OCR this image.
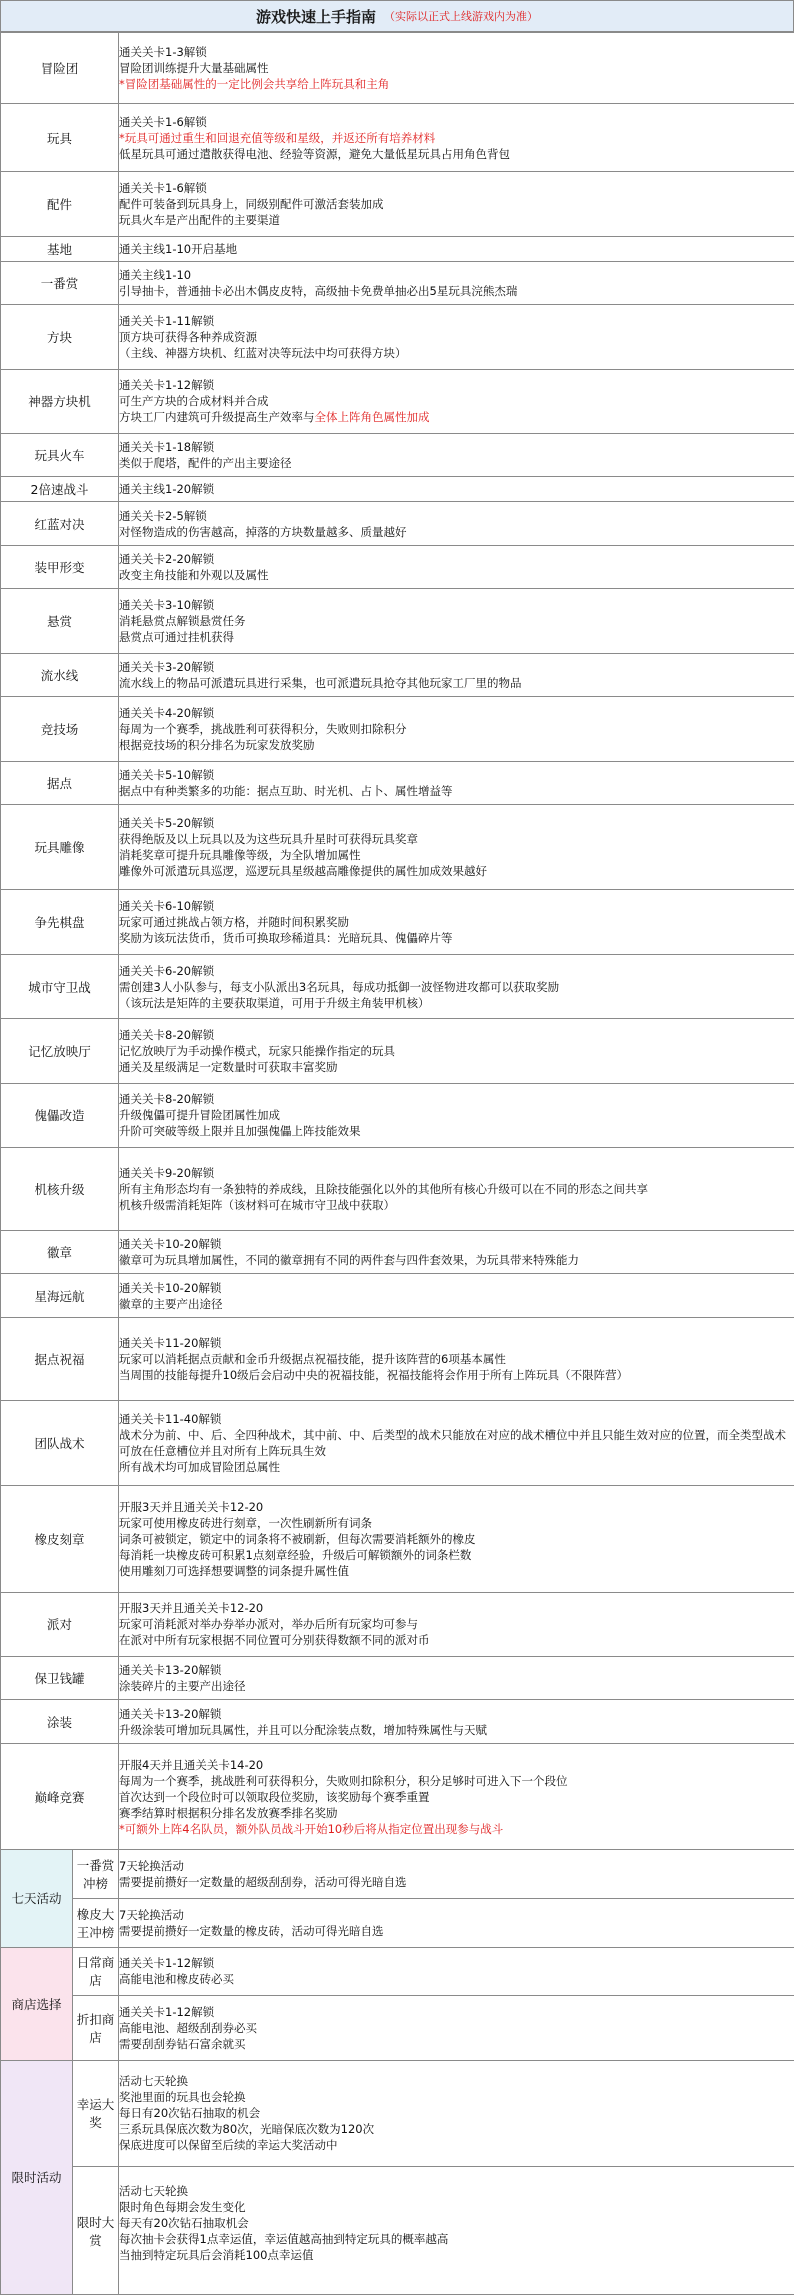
游戏快速上手指南 （实际以正式上线游戏内为准）
冒险团		通关关卡1-3解锁
冒险团训练提升大量基础属性
*冒险团基础属性的一定比例会共享给上阵玩具和主角

玩具		通关关卡1-6解锁
*玩具可通过重生和回退充值等级和星级，并返还所有培养材料
低星玩具可通过遣散获得电池、经验等资源，避免大量低星玩具占用角色背包

配件		通关关卡1-6解锁
配件可装备到玩具身上，同级别配件可激活套装加成
玩具火车是产出配件的主要渠道

基地		通关主线1-10开启基地

一番赏		通关主线1-10
引导抽卡，普通抽卡必出木偶皮皮特，高级抽卡免费单抽必出5星玩具浣熊杰瑞

方块		通关关卡1-11解锁
顶方块可获得各种养成资源
（主线、神器方块机、红蓝对决等玩法中均可获得方块）

神器方块机		通关关卡1-12解锁
可生产方块的合成材料并合成
方块工厂内建筑可升级提高生产效率与全体上阵角色属性加成

玩具火车		通关关卡1-18解锁
类似于爬塔，配件的产出主要途径

2倍速战斗		通关主线1-20解锁

红蓝对决		通关关卡2-5解锁
对怪物造成的伤害越高，掉落的方块数量越多、质量越好

装甲形变		通关关卡2-20解锁
改变主角技能和外观以及属性

悬赏		通关关卡3-10解锁
消耗悬赏点解锁悬赏任务
悬赏点可通过挂机获得

流水线		通关关卡3-20解锁
流水线上的物品可派遣玩具进行采集，也可派遣玩具抢夺其他玩家工厂里的物品

竞技场		通关关卡4-20解锁
每周为一个赛季，挑战胜利可获得积分，失败则扣除积分
根据竞技场的积分排名为玩家发放奖励

据点		通关关卡5-10解锁
据点中有种类繁多的功能：据点互助、时光机、占卜、属性增益等

玩具雕像		通关关卡5-20解锁
获得绝版及以上玩具以及为这些玩具升星时可获得玩具奖章
消耗奖章可提升玩具雕像等级，为全队增加属性
雕像外可派遣玩具巡逻，巡逻玩具星级越高雕像提供的属性加成效果越好

争先棋盘		通关关卡6-10解锁
玩家可通过挑战占领方格，并随时间积累奖励
奖励为该玩法货币，货币可换取珍稀道具：光暗玩具、傀儡碎片等

城市守卫战		通关关卡6-20解锁
需创建3人小队参与，每支小队派出3名玩具，每成功抵御一波怪物进攻都可以获取奖励
（该玩法是矩阵的主要获取渠道，可用于升级主角装甲机核）

记忆放映厅		通关关卡8-20解锁
记忆放映厅为手动操作模式，玩家只能操作指定的玩具
通关及星级满足一定数量时可获取丰富奖励

傀儡改造		通关关卡8-20解锁
升级傀儡可提升冒险团属性加成
升阶可突破等级上限并且加强傀儡上阵技能效果

机核升级		通关关卡9-20解锁
所有主角形态均有一条独特的养成线，且除技能强化以外的其他所有核心升级可以在不同的形态之间共享
机核升级需消耗矩阵（该材料可在城市守卫战中获取）

徽章		通关关卡10-20解锁
徽章可为玩具增加属性，不同的徽章拥有不同的两件套与四件套效果，为玩具带来特殊能力

星海远航		通关关卡10-20解锁
徽章的主要产出途径

据点祝福		通关关卡11-20解锁
玩家可以消耗据点贡献和金币升级据点祝福技能，提升该阵营的6项基本属性
当周围的技能每提升10级后会启动中央的祝福技能，祝福技能将会作用于所有上阵玩具（不限阵营）

团队战术		通关关卡11-40解锁
战术分为前、中、后、全四种战术，其中前、中、后类型的战术只能放在对应的战术槽位中并且只能生效对应的位置，而全类型战术可放在任意槽位并且对所有上阵玩具生效
所有战术均可加成冒险团总属性

橡皮刻章		开服3天并且通关关卡12-20
玩家可使用橡皮砖进行刻章，一次性刷新所有词条
词条可被锁定，锁定中的词条将不被刷新，但每次需要消耗额外的橡皮
每消耗一块橡皮砖可积累1点刻章经验，升级后可解锁额外的词条栏数
使用雕刻刀可选择想要调整的词条提升属性值

派对		开服3天并且通关关卡12-20
玩家可消耗派对举办券举办派对，举办后所有玩家均可参与
在派对中所有玩家根据不同位置可分别获得数额不同的派对币

保卫钱罐		通关关卡13-20解锁
涂装碎片的主要产出途径

涂装		通关关卡13-20解锁
升级涂装可增加玩具属性，并且可以分配涂装点数，增加特殊属性与天赋

巅峰竞赛		开服4天并且通关关卡14-20
每周为一个赛季，挑战胜利可获得积分，失败则扣除积分，积分足够时可进入下一个段位
首次达到一个段位时可以领取段位奖励，该奖励每个赛季重置
赛季结算时根据积分排名发放赛季排名奖励
*可额外上阵4名队员，额外队员战斗开始10秒后将从指定位置出现参与战斗

七天活动	一番赏冲榜	7天轮换活动
需要提前攒好一定数量的超级刮刮券，活动可得光暗自选

	橡皮大王冲榜	7天轮换活动
需要提前攒好一定数量的橡皮砖，活动可得光暗自选

商店选择	日常商店	通关关卡1-12解锁
高能电池和橡皮砖必买

	折扣商店	通关关卡1-12解锁
高能电池、超级刮刮券必买
需要刮刮券钻石富余就买

限时活动	幸运大奖	活动七天轮换
奖池里面的玩具也会轮换
每日有20次钻石抽取的机会
三系玩具保底次数为80次，光暗保底次数为120次
保底进度可以保留至后续的幸运大奖活动中

	限时大赏	活动七天轮换
限时角色每期会发生变化
每天有20次钻石抽取机会
每次抽卡会获得1点幸运值，幸运值越高抽到特定玩具的概率越高
当抽到特定玩具后会消耗100点幸运值
